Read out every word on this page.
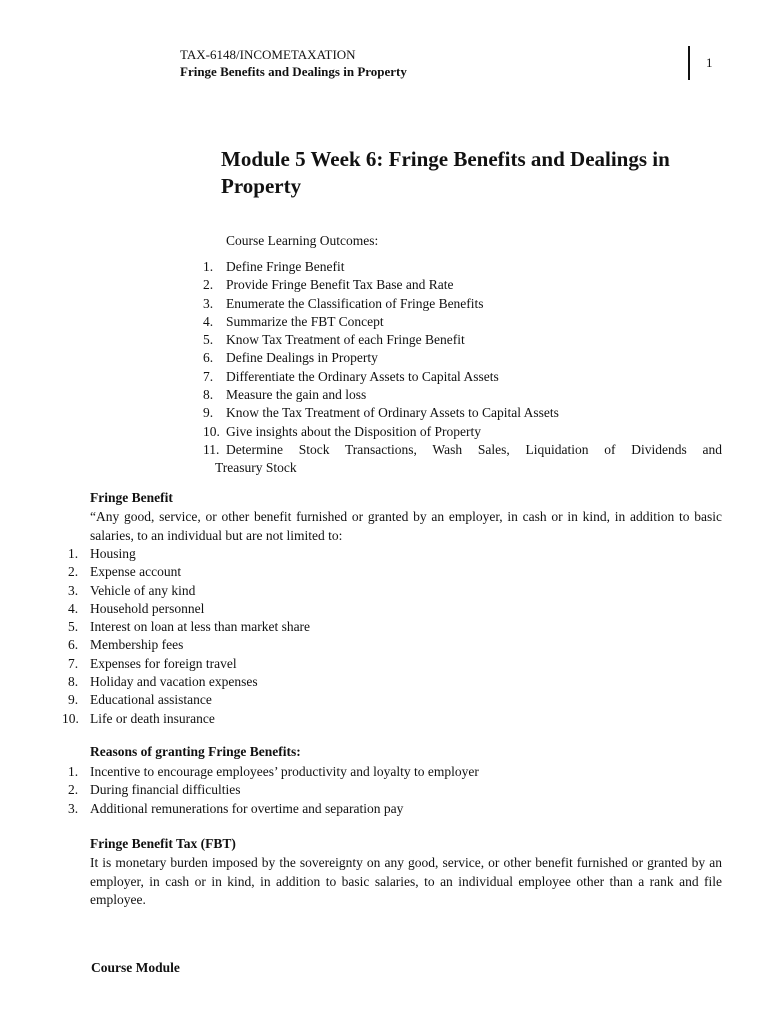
TAX-6148/INCOMETAXATION
Fringe Benefits and Dealings in Property
1
Module 5 Week 6: Fringe Benefits and Dealings in Property
Course Learning Outcomes:
1. Define Fringe Benefit
2. Provide Fringe Benefit Tax Base and Rate
3. Enumerate the Classification of Fringe Benefits
4. Summarize the FBT Concept
5. Know Tax Treatment of each Fringe Benefit
6. Define Dealings in Property
7. Differentiate the Ordinary Assets to Capital Assets
8. Measure the gain and loss
9. Know the Tax Treatment of Ordinary Assets to Capital Assets
10. Give insights about the Disposition of Property
11. Determine Stock Transactions, Wash Sales, Liquidation of Dividends and
Treasury Stock
Fringe Benefit
“Any good, service, or other benefit furnished or granted by an employer, in cash or in kind, in addition to basic salaries, to an individual but are not limited to:
1. Housing
2. Expense account
3. Vehicle of any kind
4. Household personnel
5. Interest on loan at less than market share
6. Membership fees
7. Expenses for foreign travel
8. Holiday and vacation expenses
9. Educational assistance
10. Life or death insurance
Reasons of granting Fringe Benefits:
1. Incentive to encourage employees’ productivity and loyalty to employer
2. During financial difficulties
3. Additional remunerations for overtime and separation pay
Fringe Benefit Tax (FBT)
It is monetary burden imposed by the sovereignty on any good, service, or other benefit furnished or granted by an employer, in cash or in kind, in addition to basic salaries, to an individual employee other than a rank and file employee.
Course Module
